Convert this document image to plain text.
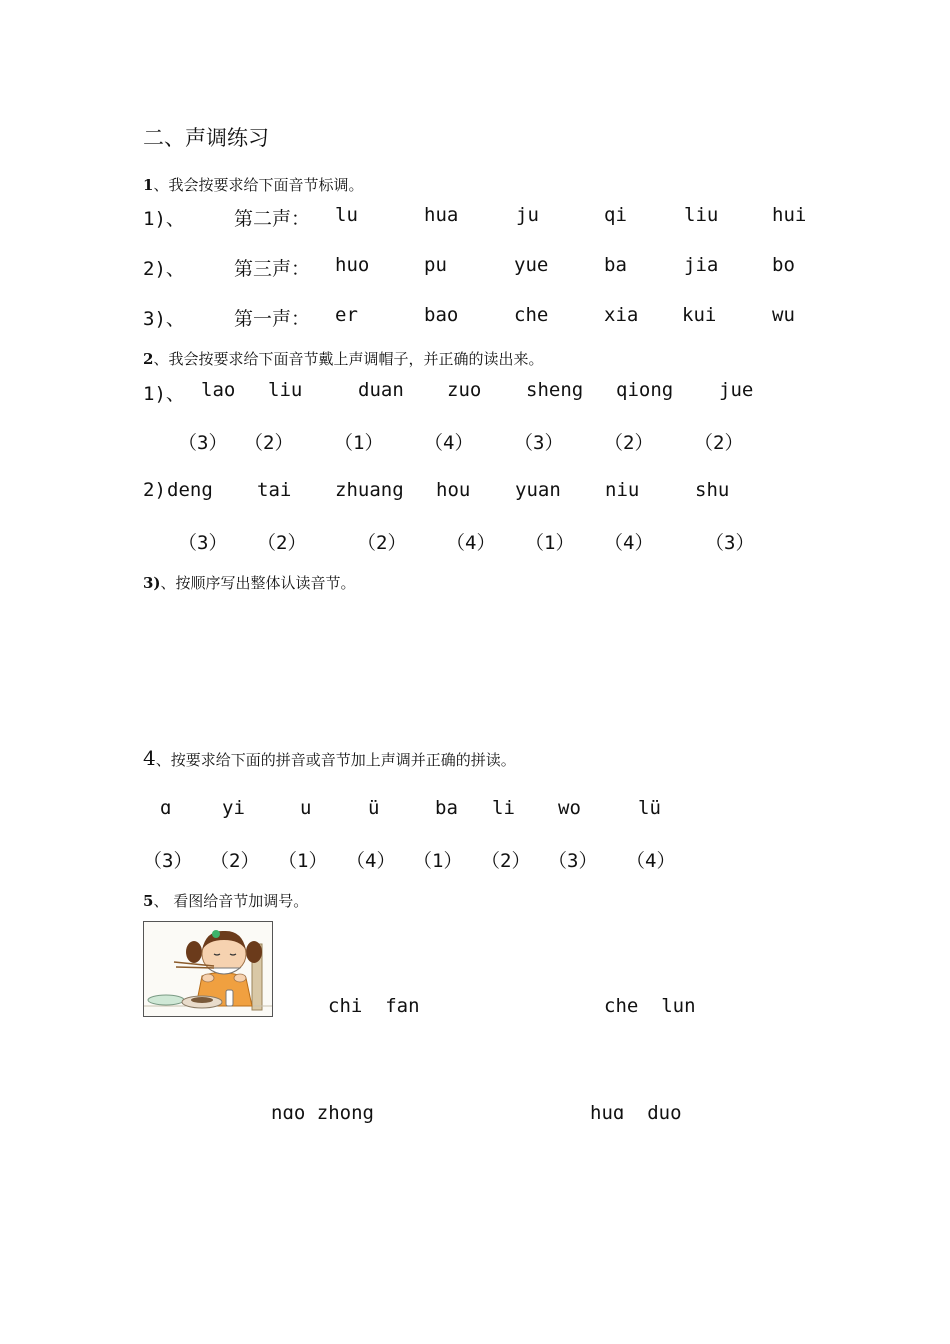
二、声调练习
1、我会按要求给下面音节标调。
1)、	第二声： lu	hua	ju	qi	liu	hui
2)、	第三声： huo	pu	yue	ba	jia	bo
3)、	第一声： er	bao	che	xia kui	wu
2、我会按要求给下面音节戴上声调帽子，并正确的读出来。
1)、 lao liu	duan zuo sheng qiong jue
（3） （2） （1） （4） （3） （2） （2）
2) deng tai zhuang hou yuan niu	shu
（3） （2）	（2） （4） （1） （4）	（3）
3)、按顺序写出整体认读音节。
4、按要求给下面的拼音或音节加上声调并正确的拼读。
ɑ	yi	u	ü	ba li wo	lü
（3） （2） （1） （4） （1） （2） （3） （4）
5、 看图给音节加调号。
chi  fan	che  lun
nɑo zhong	huɑ  duo
